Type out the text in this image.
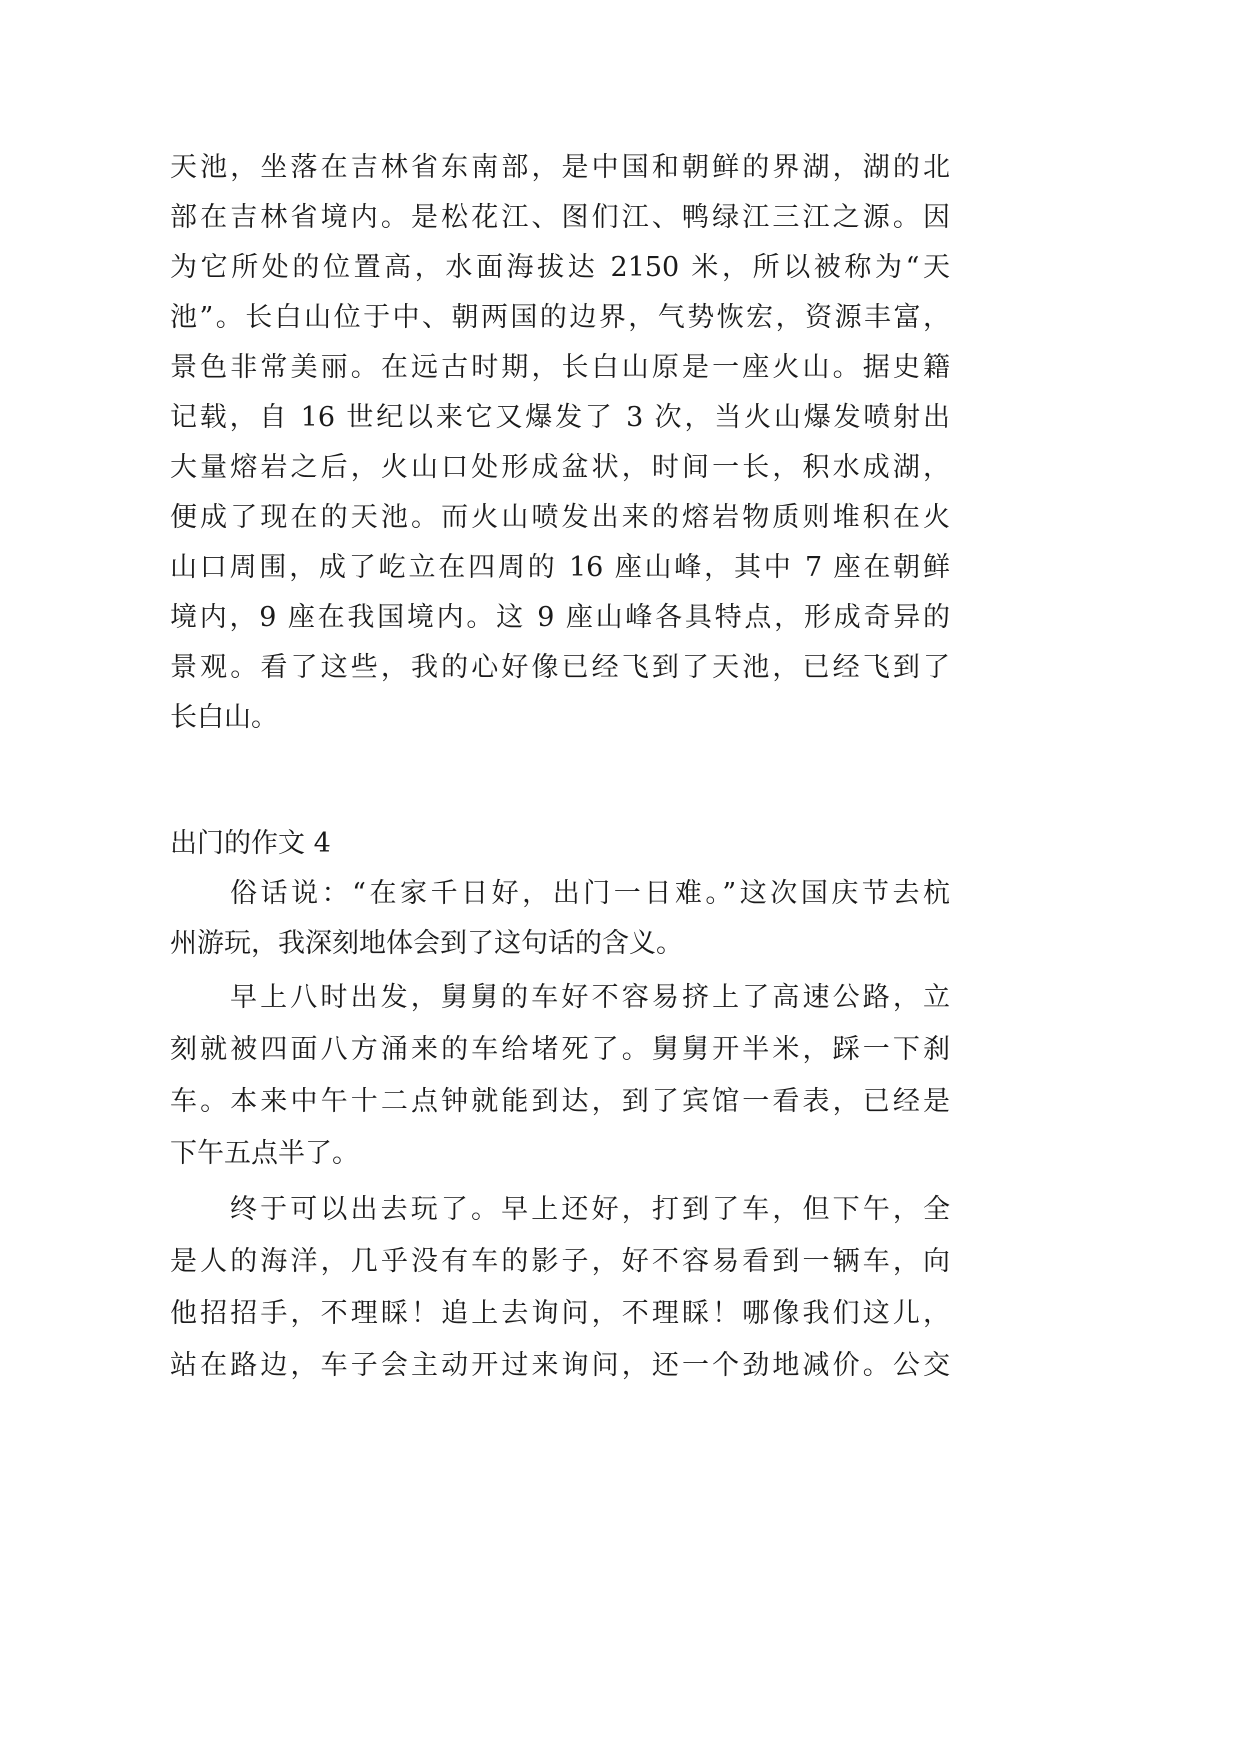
天池，坐落在吉林省东南部，是中国和朝鲜的界湖，湖的北
部在吉林省境内。是松花江、图们江、鸭绿江三江之源。因
为它所处的位置高，水面海拔达 2150 米，所以被称为“天
池”。长白山位于中、朝两国的边界，气势恢宏，资源丰富，
景色非常美丽。在远古时期，长白山原是一座火山。据史籍
记载，自 16 世纪以来它又爆发了 3 次，当火山爆发喷射出
大量熔岩之后，火山口处形成盆状，时间一长，积水成湖，
便成了现在的天池。而火山喷发出来的熔岩物质则堆积在火
山口周围，成了屹立在四周的 16 座山峰，其中 7 座在朝鲜
境内，9 座在我国境内。这 9 座山峰各具特点，形成奇异的
景观。看了这些，我的心好像已经飞到了天池，已经飞到了
长白山。
出门的作文 4
俗话说：“在家千日好，出门一日难。”这次国庆节去杭
州游玩，我深刻地体会到了这句话的含义。
早上八时出发，舅舅的车好不容易挤上了高速公路，立
刻就被四面八方涌来的车给堵死了。舅舅开半米，踩一下刹
车。本来中午十二点钟就能到达，到了宾馆一看表，已经是
下午五点半了。
终于可以出去玩了。早上还好，打到了车，但下午，全
是人的海洋，几乎没有车的影子，好不容易看到一辆车，向
他招招手，不理睬！追上去询问，不理睬！哪像我们这儿，
站在路边，车子会主动开过来询问，还一个劲地减价。公交
